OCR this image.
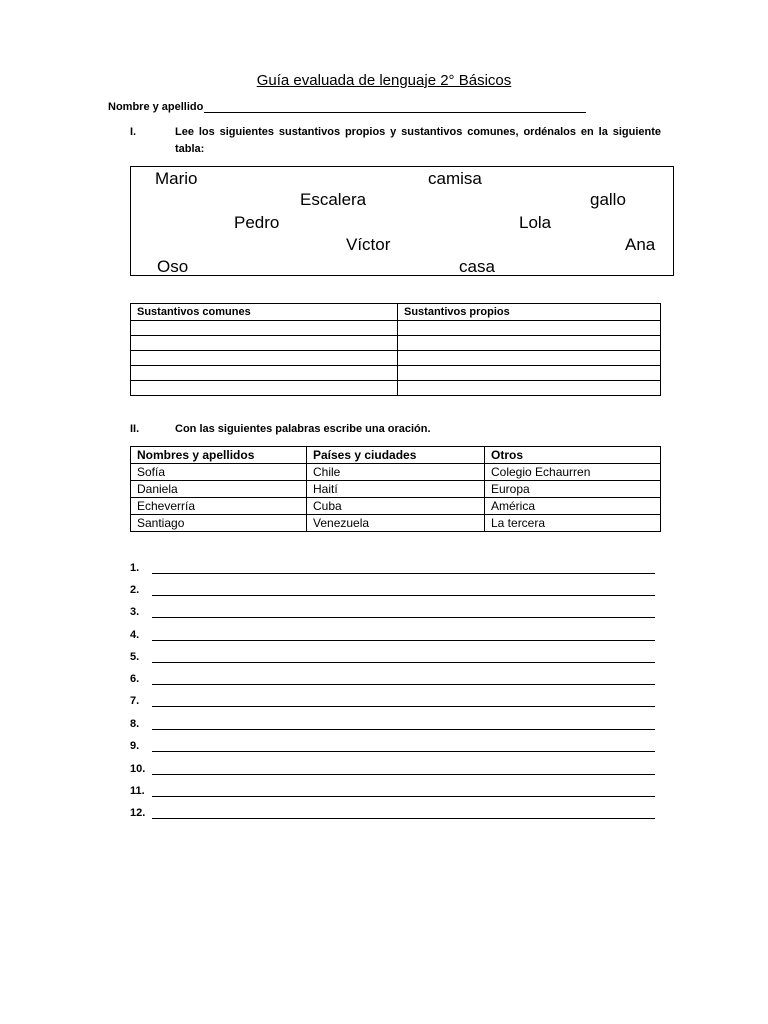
Guía evaluada de lenguaje 2° Básicos
Nombre y apellido
I.	Lee los siguientes sustantivos propios y sustantivos comunes, ordénalos en la siguiente tabla:
Mario	camisa
Escalera	gallo
Pedro	Lola
Víctor	Ana
Oso	casa
Sustantivos comunes	Sustantivos propios

II.	Con las siguientes palabras escribe una oración.
Nombres y apellidos	Países y ciudades	Otros
Sofía	Chile	Colegio Echaurren
Daniela	Haití	Europa
Echeverría	Cuba	América
Santiago	Venezuela	La tercera
1.
2.
3.
4.
5.
6.
7.
8.
9.
10.
11.
12.
